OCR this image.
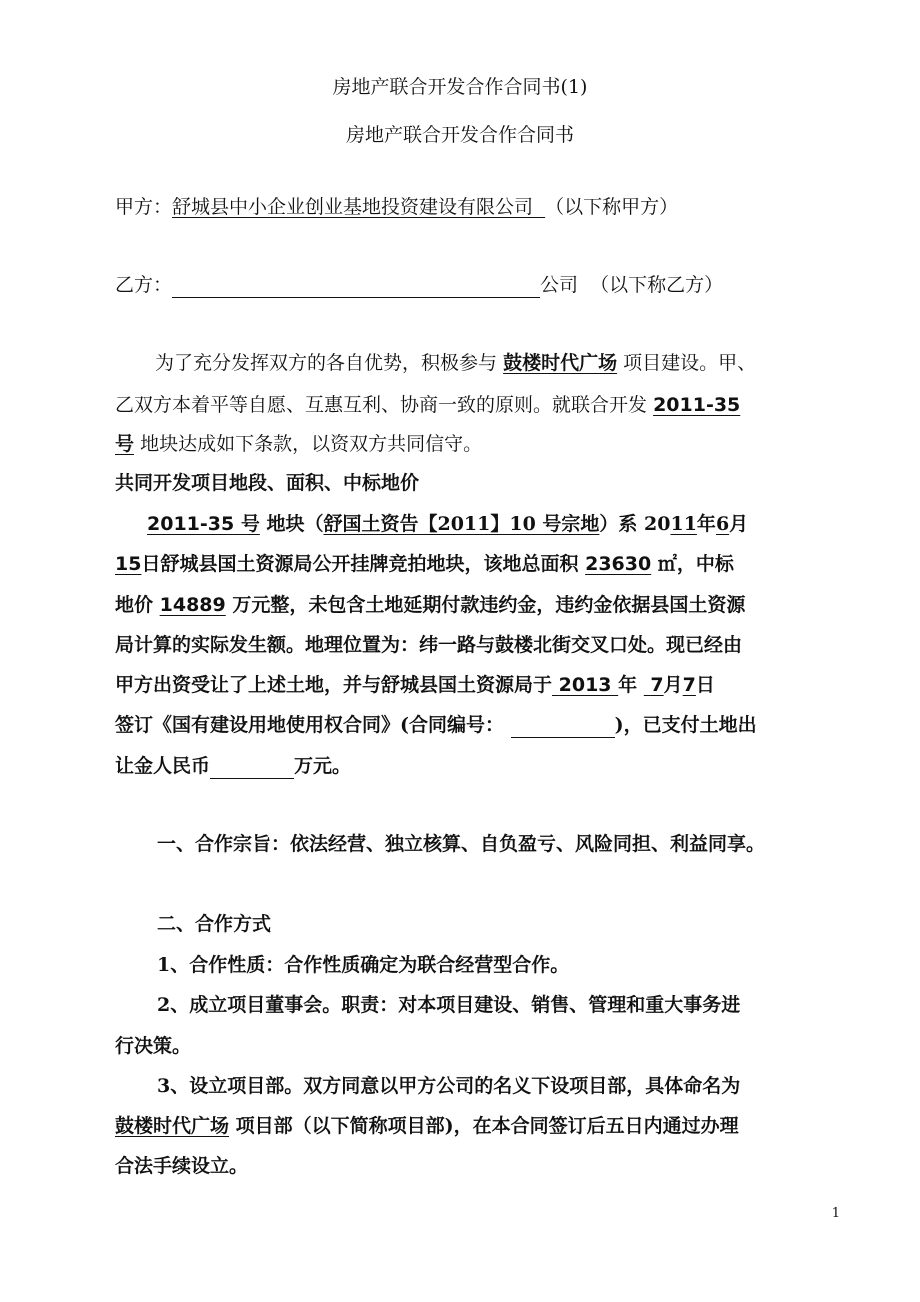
房地产联合开发合作合同书(1)
房地产联合开发合作合同书
甲方：舒城县中小企业创业基地投资建设有限公司 （以下称甲方）
乙方：	公司 （以下称乙方）
为了充分发挥双方的各自优势，积极参与 鼓楼时代广场 项目建设。甲、
乙双方本着平等自愿、互惠互利、协商一致的原则。就联合开发 2011-35
号 地块达成如下条款，以资双方共同信守。
共同开发项目地段、面积、中标地价
2011-35 号 地块（舒国土资告【2011】10 号宗地）系 2011年6月
15日舒城县国土资源局公开挂牌竞拍地块，该地总面积 23630 ㎡，中标
地价 14889 万元整，未包含土地延期付款违约金，违约金依据县国土资源
局计算的实际发生额。地理位置为：纬一路与鼓楼北街交叉口处。现已经由
甲方出资受让了上述土地，并与舒城县国土资源局于 2013 年 7月7日
签订《国有建设用地使用权合同》(合同编号：	)，已支付土地出
让金人民币	万元。
一、合作宗旨：依法经营、独立核算、自负盈亏、风险同担、利益同享。
二、合作方式
1、合作性质：合作性质确定为联合经营型合作。
2、成立项目董事会。职责：对本项目建设、销售、管理和重大事务进
行决策。
3、设立项目部。双方同意以甲方公司的名义下设项目部，具体命名为
鼓楼时代广场 项目部（以下简称项目部)，在本合同签订后五日内通过办理
合法手续设立。
1
